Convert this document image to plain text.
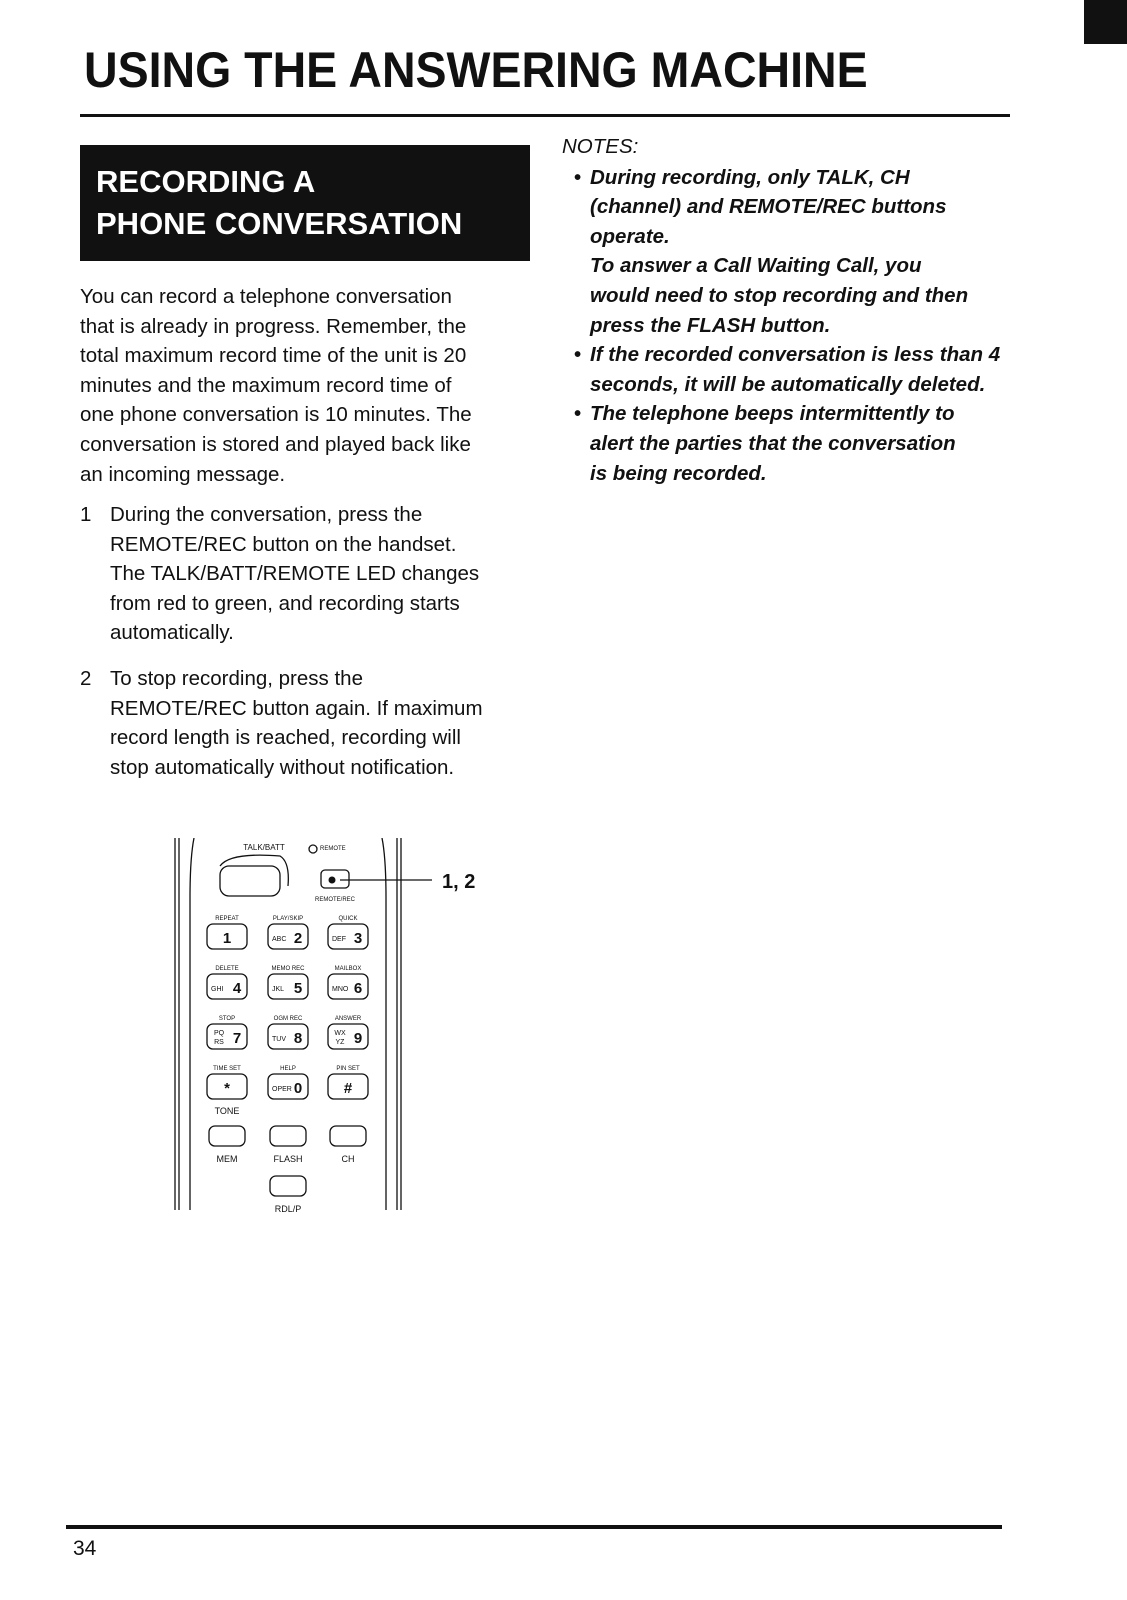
USING THE ANSWERING MACHINE
RECORDING A
PHONE CONVERSATION

You can record a telephone conversation

that is already in progress. Remember, the

total maximum record time of the unit is 20

minutes and the maximum record time of

one phone conversation is 10 minutes. The

conversation is stored and played back like

an incoming message.

1 During the conversation, press the

REMOTE/REC button on the handset.

The TALK/BATT/REMOTE LED changes

from red to green, and recording starts

automatically.

2 To stop recording, press the

REMOTE/REC button again. If maximum

record length is reached, recording will

stop automatically without notification.

NOTES:
• During recording, only TALK, CH

(channel) and REMOTE/REC buttons

operate.

To answer a Call Waiting Call, you

would need to stop recording and then

press the FLASH button.

• If the recorded conversation is less than 4

seconds, it will be automatically deleted.

• The telephone beeps intermittently to

alert the parties that the conversation

is being recorded.

TALK/BATT	REMOTE
REMOTE/REC
1, 2
REPEAT	PLAY/SKIP	QUICK
1	ABC 2	DEF 3
DELETE	MEMO REC	MAILBOX
GHI 4	JKL 5	MNO 6
STOP	OGM REC	ANSWER
PQ
RS 7	TUV 8	WX
YZ 9
TIME SET	HELP	PIN SET
*	OPER 0	#
TONE
MEM	FLASH	CH
RDL/P
34
